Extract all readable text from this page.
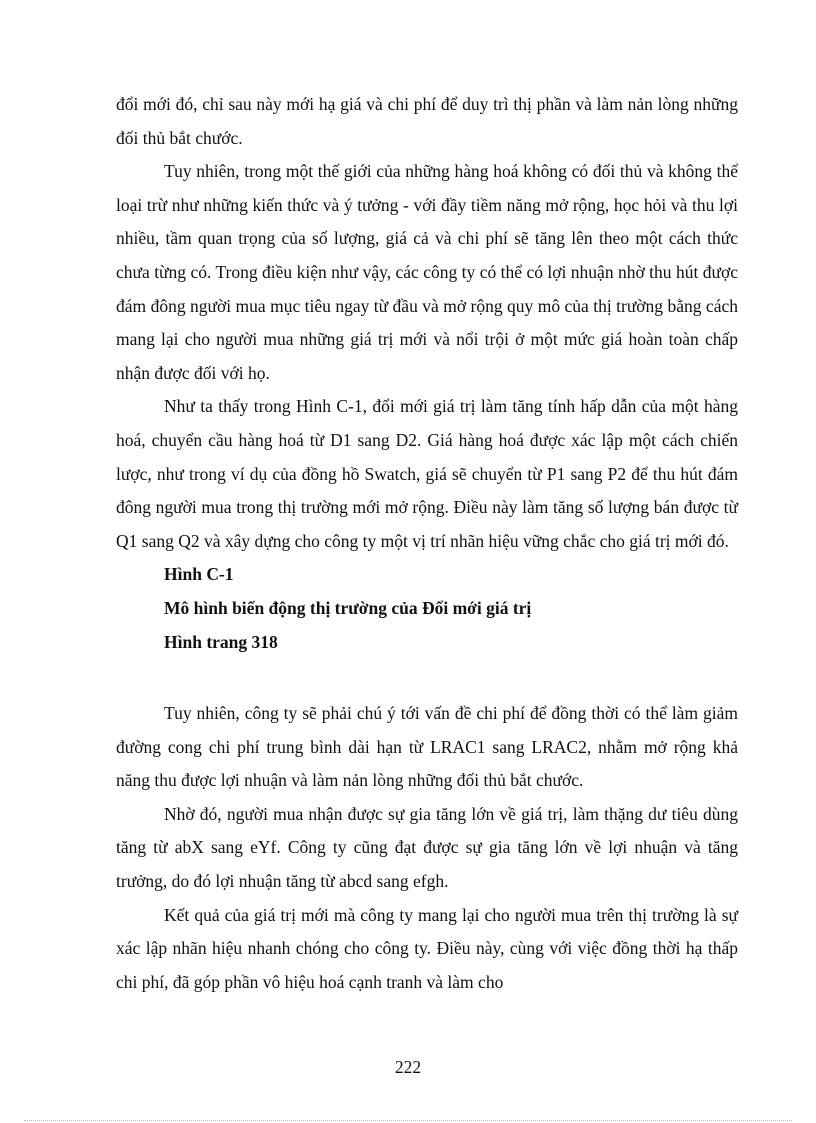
đổi mới đó, chỉ sau này mới hạ giá và chi phí để duy trì thị phần và làm nản lòng những đối thủ bắt chước.

Tuy nhiên, trong một thế giới của những hàng hoá không có đối thủ và không thể loại trừ như những kiến thức và ý tưởng - với đầy tiềm năng mở rộng, học hỏi và thu lợi nhiều, tầm quan trọng của số lượng, giá cả và chi phí sẽ tăng lên theo một cách thức chưa từng có. Trong điều kiện như vậy, các công ty có thể có lợi nhuận nhờ thu hút được đám đông người mua mục tiêu ngay từ đầu và mở rộng quy mô của thị trường bằng cách mang lại cho người mua những giá trị mới và nổi trội ở một mức giá hoàn toàn chấp nhận được đối với họ.

Như ta thấy trong Hình C-1, đổi mới giá trị làm tăng tính hấp dẫn của một hàng hoá, chuyển cầu hàng hoá từ D1 sang D2. Giá hàng hoá được xác lập một cách chiến lược, như trong ví dụ của đồng hồ Swatch, giá sẽ chuyển từ P1 sang P2 để thu hút đám đông người mua trong thị trường mới mở rộng. Điều này làm tăng số lượng bán được từ Q1 sang Q2 và xây dựng cho công ty một vị trí nhãn hiệu vững chắc cho giá trị mới đó.

Hình C-1

Mô hình biến động thị trường của Đổi mới giá trị

Hình trang 318

Tuy nhiên, công ty sẽ phải chú ý tới vấn đề chi phí để đồng thời có thể làm giảm đường cong chi phí trung bình dài hạn từ LRAC1 sang LRAC2, nhằm mở rộng khả năng thu được lợi nhuận và làm nản lòng những đối thủ bắt chước.

Nhờ đó, người mua nhận được sự gia tăng lớn về giá trị, làm thặng dư tiêu dùng tăng từ abX sang eYf. Công ty cũng đạt được sự gia tăng lớn về lợi nhuận và tăng trưởng, do đó lợi nhuận tăng từ abcd sang efgh.

Kết quả của giá trị mới mà công ty mang lại cho người mua trên thị trường là sự xác lập nhãn hiệu nhanh chóng cho công ty. Điều này, cùng với việc đồng thời hạ thấp chi phí, đã góp phần vô hiệu hoá cạnh tranh và làm cho

222
